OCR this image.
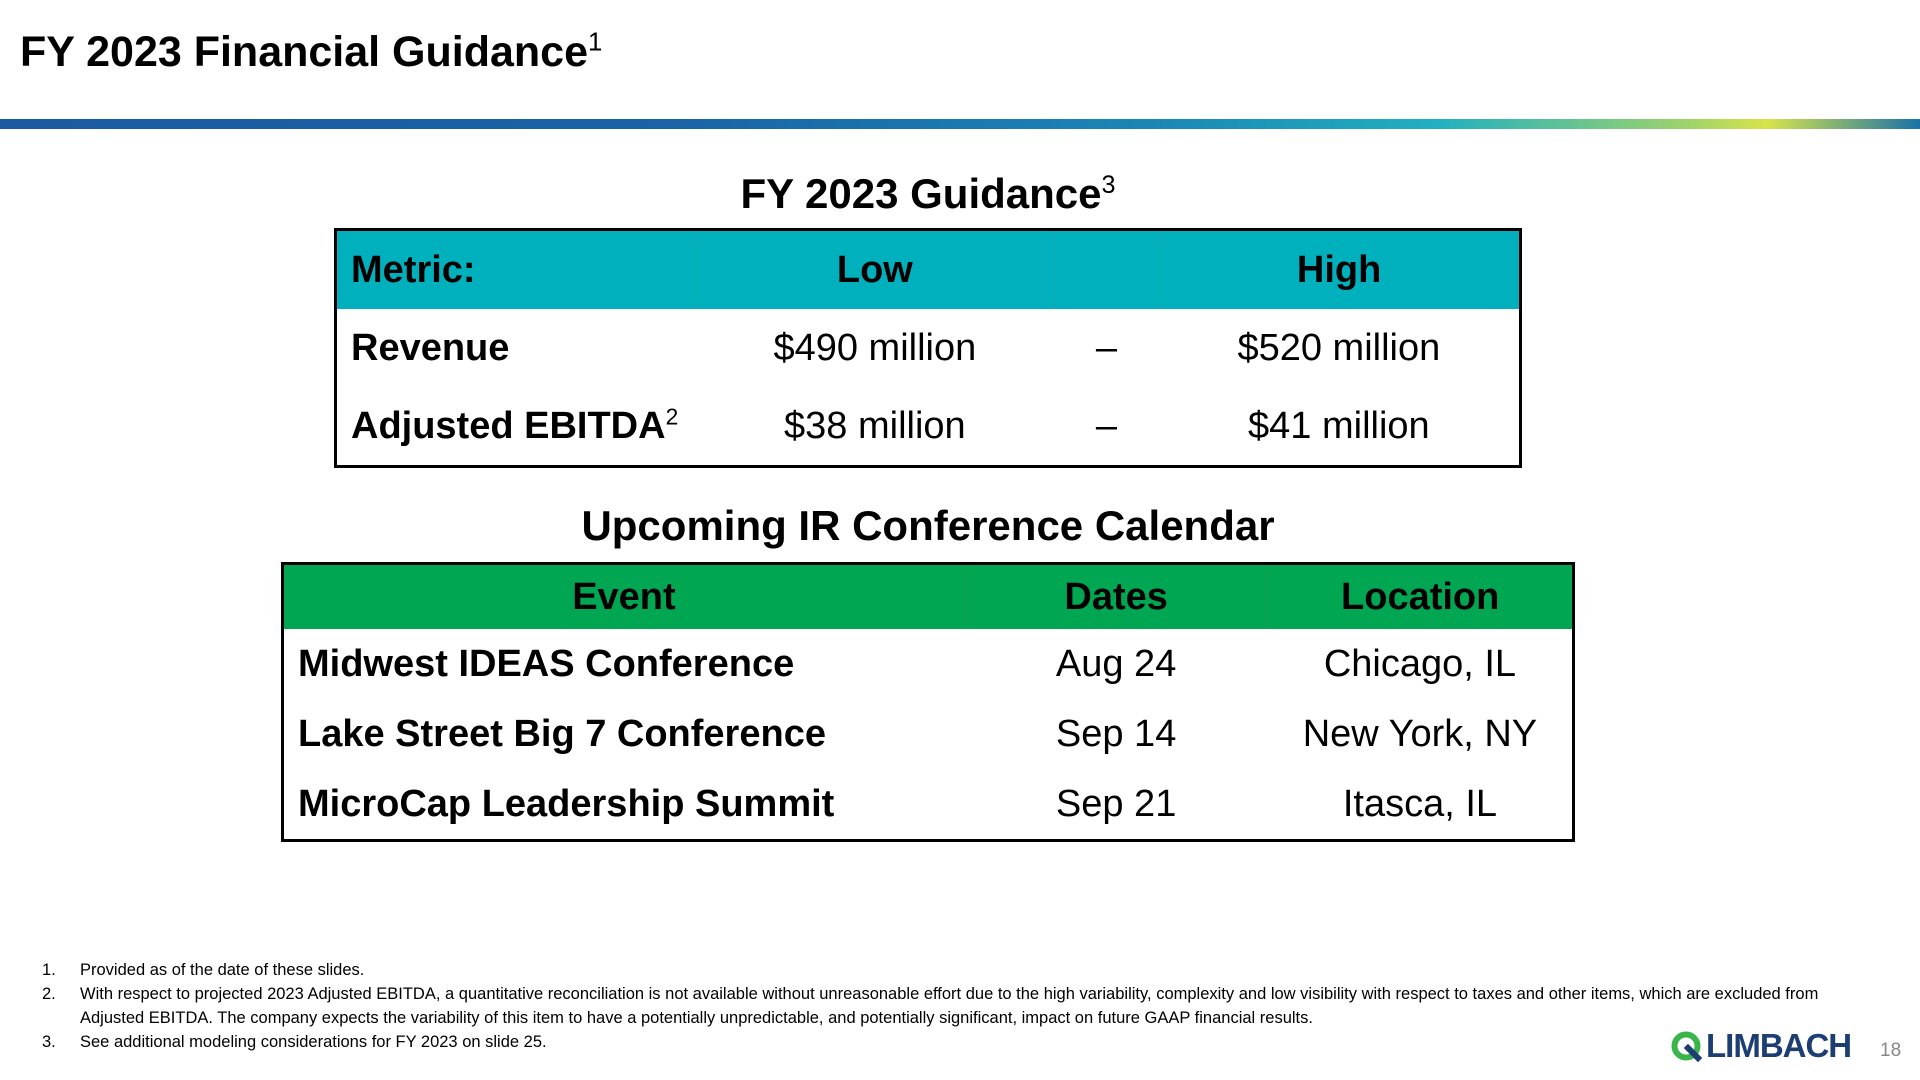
FY 2023 Financial Guidance$^1$
FY 2023 Guidance$^3$
Metric:	Low		High
Revenue	$490 million	–	$520 million
Adjusted EBITDA$^2$	$38 million	–	$41 million
Upcoming IR Conference Calendar
Event	Dates	Location
Midwest IDEAS Conference	Aug 24	Chicago, IL
Lake Street Big 7 Conference	Sep 14	New York, NY
MicroCap Leadership Summit	Sep 21	Itasca, IL
1.	Provided as of the date of these slides.
2.	With respect to projected 2023 Adjusted EBITDA, a quantitative reconciliation is not available without unreasonable effort due to the high variability, complexity and low visibility with respect to taxes and other items, which are excluded from Adjusted EBITDA. The company expects the variability of this item to have a potentially unpredictable, and potentially significant, impact on future GAAP financial results.
3.	See additional modeling considerations for FY 2023 on slide 25.	LIMBACH 18
